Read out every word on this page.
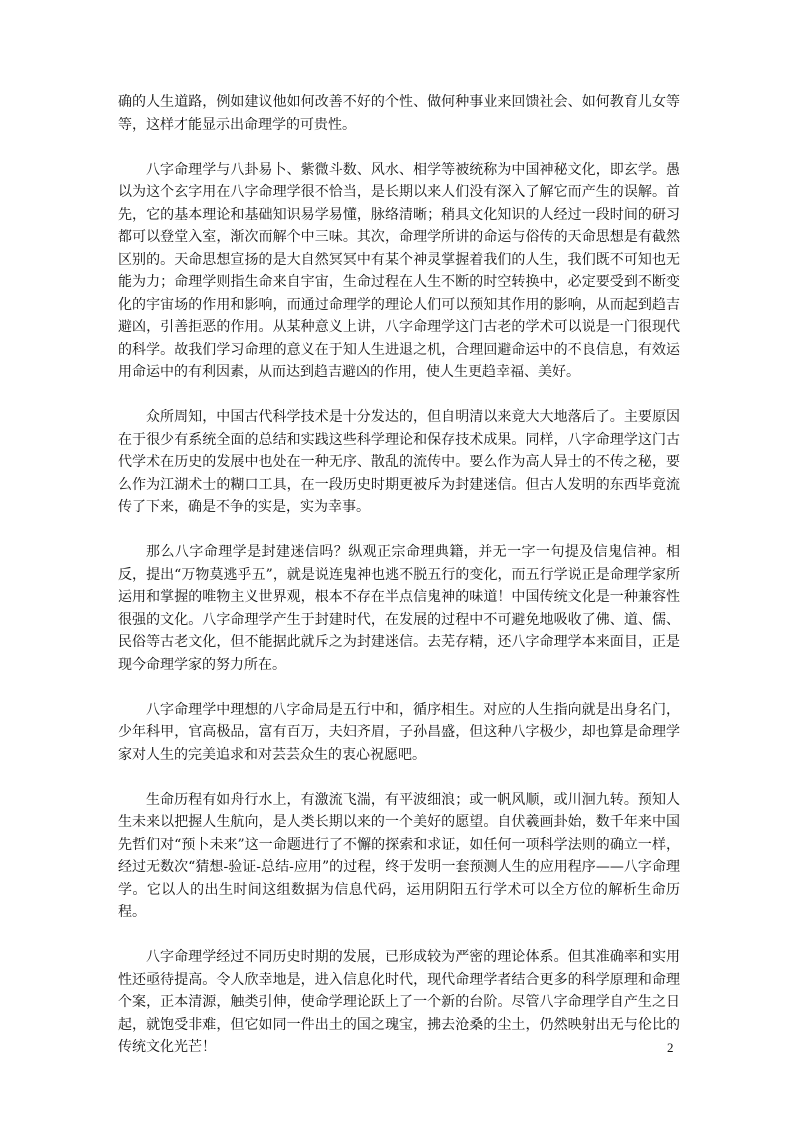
确的人生道路，例如建议他如何改善不好的个性、做何种事业来回馈社会、如何教育儿女等等，这样才能显示出命理学的可贵性。

八字命理学与八卦易卜、紫微斗数、风水、相学等被统称为中国神秘文化，即玄学。愚以为这个玄字用在八字命理学很不恰当，是长期以来人们没有深入了解它而产生的误解。首先，它的基本理论和基础知识易学易懂，脉络清晰；稍具文化知识的人经过一段时间的研习都可以登堂入室，渐次而解个中三味。其次，命理学所讲的命运与俗传的天命思想是有截然区别的。天命思想宣扬的是大自然冥冥中有某个神灵掌握着我们的人生，我们既不可知也无能为力；命理学则指生命来自宇宙，生命过程在人生不断的时空转换中，必定要受到不断变化的宇宙场的作用和影响，而通过命理学的理论人们可以预知其作用的影响，从而起到趋吉避凶，引善拒恶的作用。从某种意义上讲，八字命理学这门古老的学术可以说是一门很现代的科学。故我们学习命理的意义在于知人生进退之机，合理回避命运中的不良信息，有效运用命运中的有利因素，从而达到趋吉避凶的作用，使人生更趋幸福、美好。

众所周知，中国古代科学技术是十分发达的，但自明清以来竟大大地落后了。主要原因在于很少有系统全面的总结和实践这些科学理论和保存技术成果。同样，八字命理学这门古代学术在历史的发展中也处在一种无序、散乱的流传中。要么作为高人异士的不传之秘，要么作为江湖术士的糊口工具，在一段历史时期更被斥为封建迷信。但古人发明的东西毕竟流传了下来，确是不争的实是，实为幸事。

那么八字命理学是封建迷信吗？纵观正宗命理典籍，并无一字一句提及信鬼信神。相反，提出“万物莫逃乎五”，就是说连鬼神也逃不脱五行的变化，而五行学说正是命理学家所运用和掌握的唯物主义世界观，根本不存在半点信鬼神的味道！中国传统文化是一种兼容性很强的文化。八字命理学产生于封建时代，在发展的过程中不可避免地吸收了佛、道、儒、民俗等古老文化，但不能据此就斥之为封建迷信。去芜存精，还八字命理学本来面目，正是现今命理学家的努力所在。

八字命理学中理想的八字命局是五行中和，循序相生。对应的人生指向就是出身名门，少年科甲，官高极品，富有百万，夫妇齐眉，子孙昌盛，但这种八字极少，却也算是命理学家对人生的完美追求和对芸芸众生的衷心祝愿吧。

生命历程有如舟行水上，有激流飞湍，有平波细浪；或一帆风顺，或川洄九转。预知人生未来以把握人生航向，是人类长期以来的一个美好的愿望。自伏羲画卦始，数千年来中国先哲们对“预卜未来”这一命题进行了不懈的探索和求证，如任何一项科学法则的确立一样，经过无数次“猜想-验证-总结-应用”的过程，终于发明一套预测人生的应用程序——八字命理学。它以人的出生时间这组数据为信息代码，运用阴阳五行学术可以全方位的解析生命历程。

八字命理学经过不同历史时期的发展，已形成较为严密的理论体系。但其准确率和实用性还亟待提高。令人欣幸地是，进入信息化时代，现代命理学者结合更多的科学原理和命理个案，正本清源，触类引伸，使命学理论跃上了一个新的台阶。尽管八字命理学自产生之日起，就饱受非难，但它如同一件出土的国之瑰宝，拂去沧桑的尘土，仍然映射出无与伦比的传统文化光芒！	2
